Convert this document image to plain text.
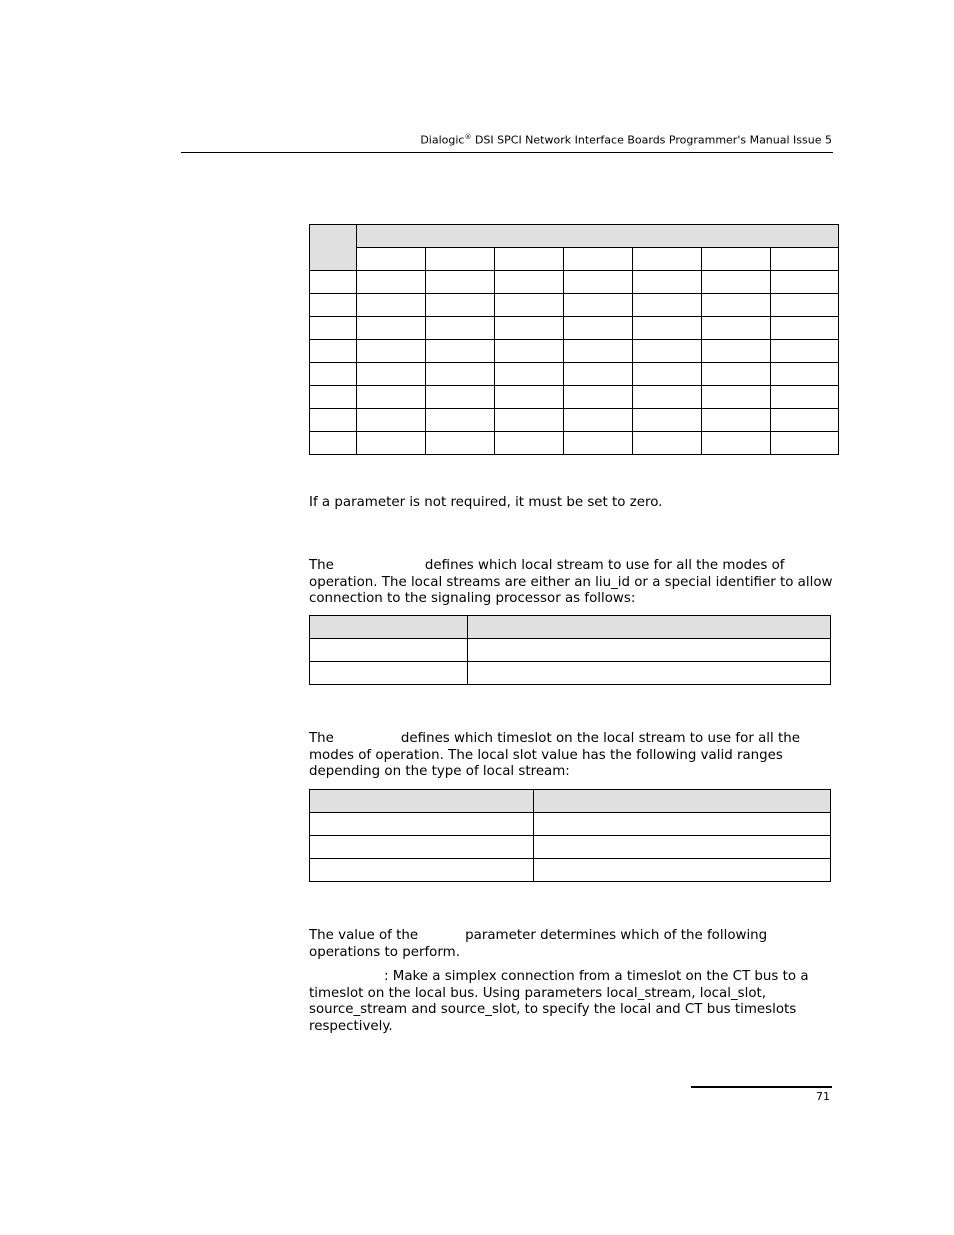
Dialogic® DSI SPCI Network Interface Boards Programmer's Manual Issue 5

If a parameter is not required, it must be set to zero.

The	defines which local stream to use for all the modes of
operation. The local streams are either an liu_id or a special identifier to allow connection to the signaling processor as follows:

The	defines which timeslot on the local stream to use for all the
modes of operation. The local slot value has the following valid ranges depending on the type of local stream:

The value of the	parameter determines which of the following operations to perform.

: Make a simplex connection from a timeslot on the CT bus to a timeslot on the local bus. Using parameters local_stream, local_slot, source_stream and source_slot, to specify the local and CT bus timeslots respectively.

71
